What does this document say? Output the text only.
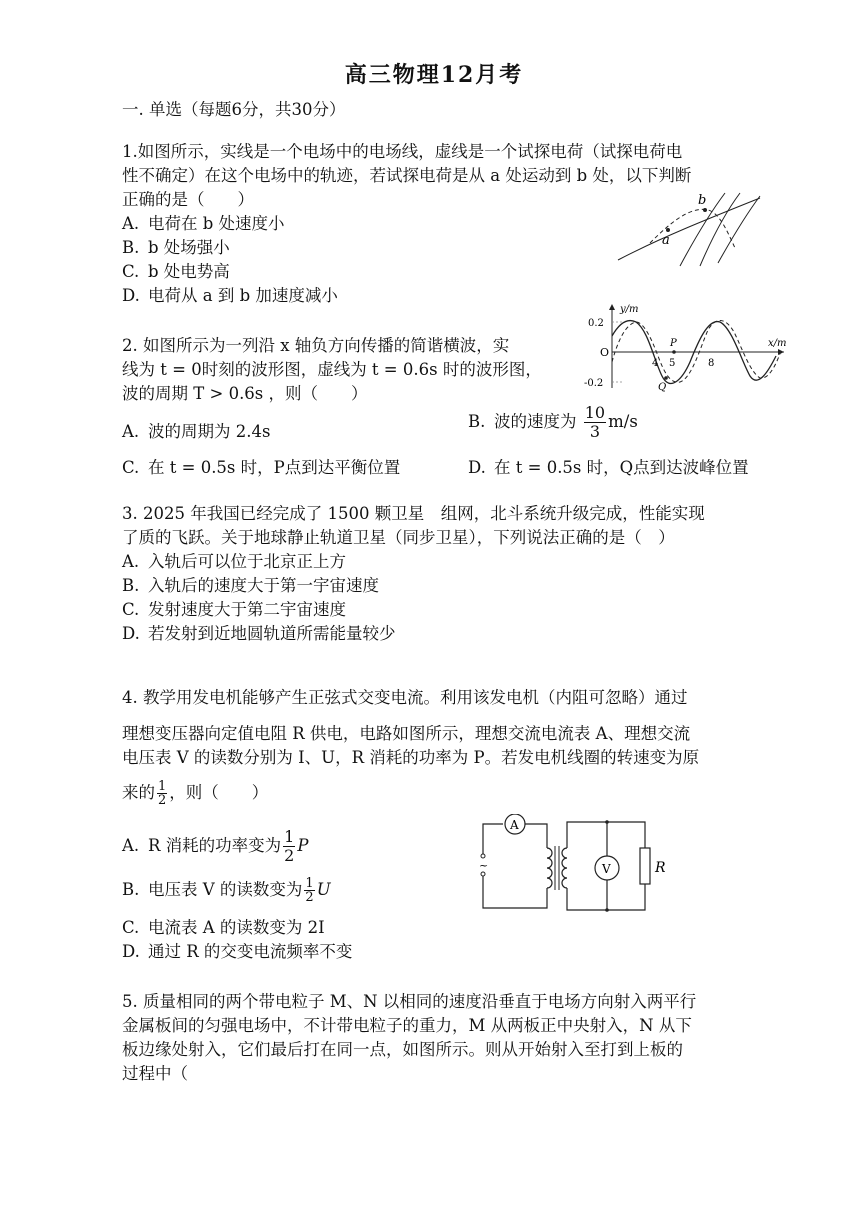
高三物理12月考
一. 单选（每题6分，共30分）
1.如图所示，实线是一个电场中的电场线，虚线是一个试探电荷（试探电荷电
性不确定）在这个电场中的轨迹，若试探电荷是从 a 处运动到 b 处，以下判断
正确的是（　　）
A. 电荷在 b 处速度小
B. b 处场强小
C. b 处电势高
D. 电荷从 a 到 b 加速度减小
a
b
2. 如图所示为一列沿 x 轴负方向传播的简谐横波，实
线为 t = 0时刻的波形图，虚线为 t = 0.6s 时的波形图，
波的周期 T > 0.6s ，则（　　）
y/m
x/m
O
0.2
-0.2
4 5	8
P
Q
A. 波的周期为 2.4s
B. 波的速度为 $\frac{10}{3} m/s$
C. 在 t = 0.5s 时，P点到达平衡位置	D. 在 t = 0.5s 时，Q点到达波峰位置
3. 2025 年我国已经完成了 1500 颗卫星　组网，北斗系统升级完成，性能实现
了质的飞跃。关于地球静止轨道卫星（同步卫星），下列说法正确的是（　）
A. 入轨后可以位于北京正上方
B. 入轨后的速度大于第一宇宙速度
C. 发射速度大于第二宇宙速度
D. 若发射到近地圆轨道所需能量较少
4. 教学用发电机能够产生正弦式交变电流。利用该发电机（内阻可忽略）通过
理想变压器向定值电阻 R 供电，电路如图所示，理想交流电流表 A、理想交流
电压表 V 的读数分别为 I、U，R 消耗的功率为 P。若发电机线圈的转速变为原
来的 $\frac{1}{2}$ ，则（　　）
A. R 消耗的功率变为 $\frac{1}{2}$ P
B. 电压表 V 的读数变为 $\frac{1}{2}$ U
C. 电流表 A 的读数变为 2I
D. 通过 R 的交变电流频率不变
A
~	V	R
5. 质量相同的两个带电粒子 M、N 以相同的速度沿垂直于电场方向射入两平行
金属板间的匀强电场中，不计带电粒子的重力，M 从两板正中央射入，N 从下
板边缘处射入，它们最后打在同一点，如图所示。则从开始射入至打到上板的
过程中（
